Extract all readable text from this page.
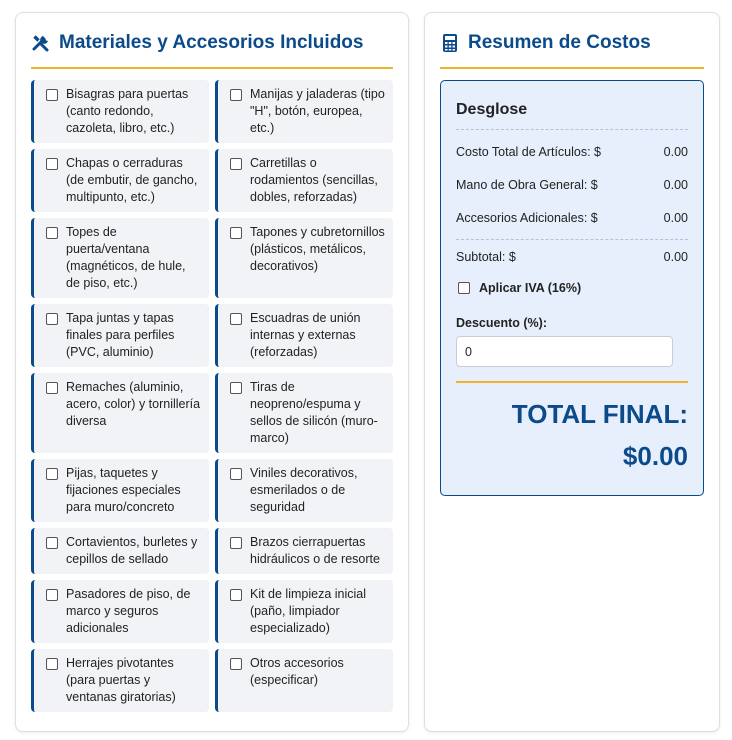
Materiales y Accesorios Incluidos
Bisagras para puertas (canto redondo, cazoleta, libro, etc.)
Manijas y jaladeras (tipo "H", botón, europea, etc.)
Chapas o cerraduras (de embutir, de gancho, multipunto, etc.)
Carretillas o rodamientos (sencillas, dobles, reforzadas)
Topes de puerta/ventana (magnéticos, de hule, de piso, etc.)
Tapones y cubretornillos (plásticos, metálicos, decorativos)
Tapa juntas y tapas finales para perfiles (PVC, aluminio)
Escuadras de unión internas y externas (reforzadas)
Remaches (aluminio, acero, color) y tornillería diversa
Tiras de neopreno/espuma y sellos de silicón (muro-marco)
Pijas, taquetes y fijaciones especiales para muro/concreto
Viniles decorativos, esmerilados o de seguridad
Cortavientos, burletes y cepillos de sellado
Brazos cierrapuertas hidráulicos o de resorte
Pasadores de piso, de marco y seguros adicionales
Kit de limpieza inicial (paño, limpiador especializado)
Herrajes pivotantes (para puertas y ventanas giratorias)
Otros accesorios (especificar)
Resumen de Costos
Desglose
Costo Total de Artículos: $	0.00
Mano de Obra General: $	0.00
Accesorios Adicionales: $	0.00
Subtotal: $	0.00
Aplicar IVA (16%)
Descuento (%):
0
TOTAL FINAL:
$0.00
